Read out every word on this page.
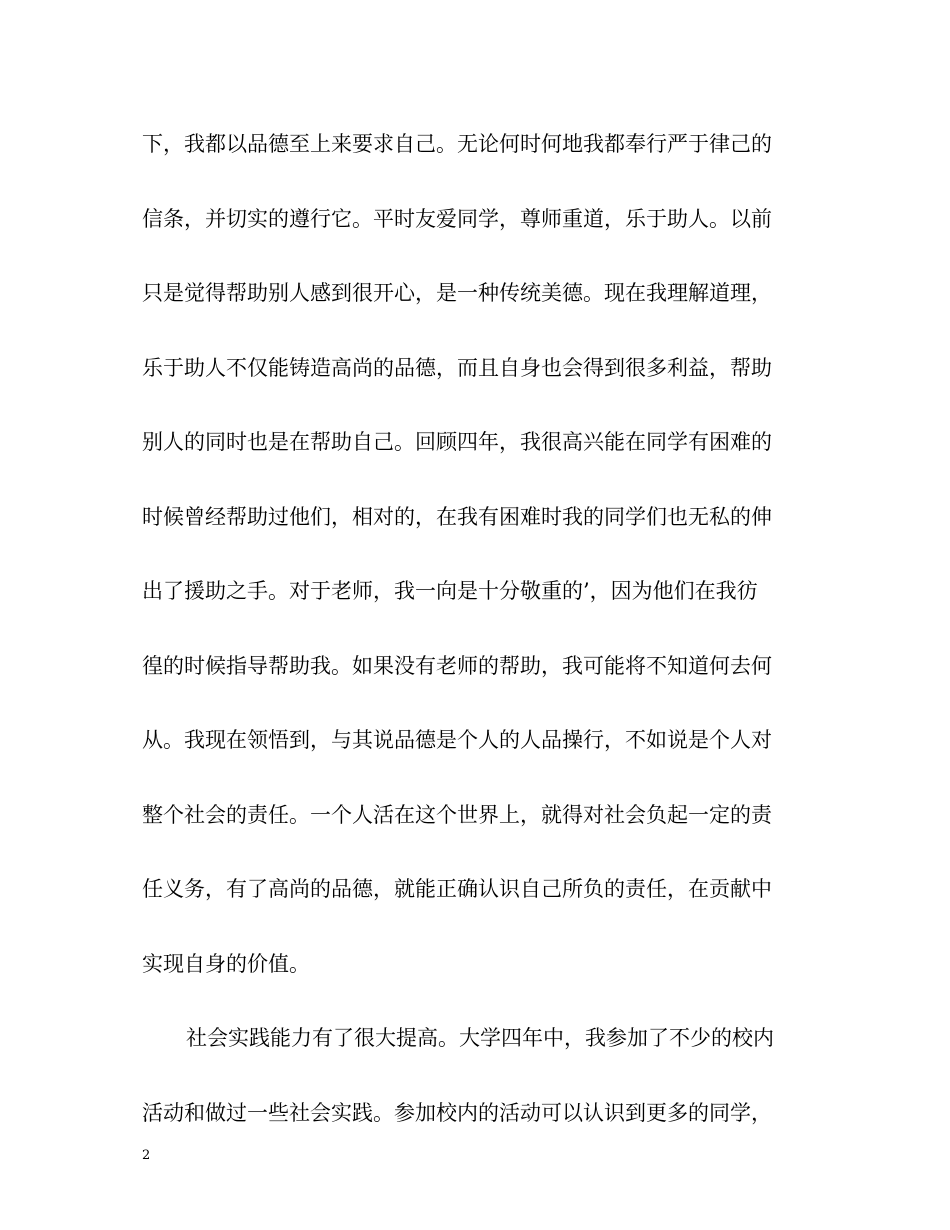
下，我都以品德至上来要求自己。无论何时何地我都奉行严于律己的
信条，并切实的遵行它。平时友爱同学，尊师重道，乐于助人。以前
只是觉得帮助别人感到很开心，是一种传统美德。现在我理解道理，
乐于助人不仅能铸造高尚的品德，而且自身也会得到很多利益，帮助
别人的同时也是在帮助自己。回顾四年，我很高兴能在同学有困难的
时候曾经帮助过他们，相对的，在我有困难时我的同学们也无私的伸
出了援助之手。对于老师，我一向是十分敬重的’，因为他们在我彷
徨的时候指导帮助我。如果没有老师的帮助，我可能将不知道何去何
从。我现在领悟到，与其说品德是个人的人品操行，不如说是个人对
整个社会的责任。一个人活在这个世界上，就得对社会负起一定的责
任义务，有了高尚的品德，就能正确认识自己所负的责任，在贡献中
实现自身的价值。
社会实践能力有了很大提高。大学四年中，我参加了不少的校内
活动和做过一些社会实践。参加校内的活动可以认识到更多的同学，
2
